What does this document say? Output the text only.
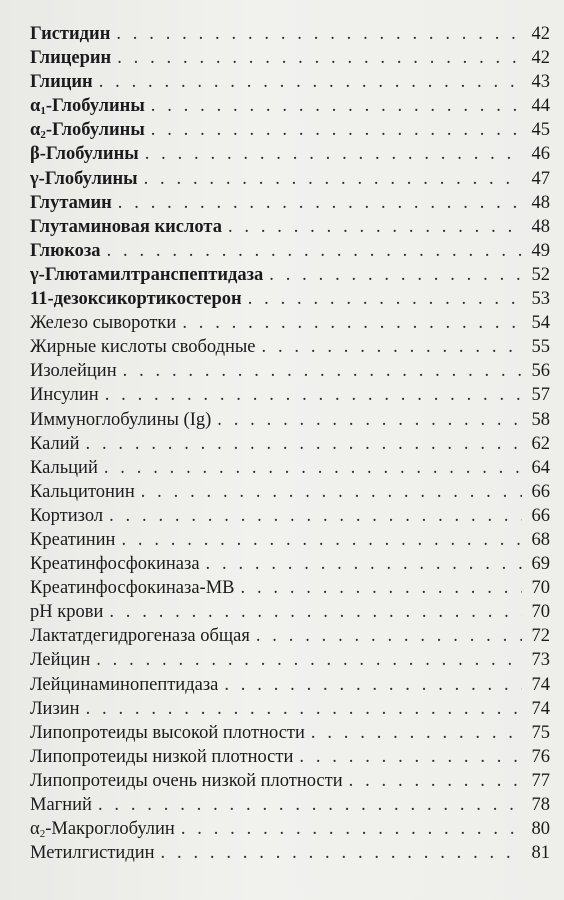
Гистидин . . .	42
Глицерин . . .	42
Глицин . . .	43
$\alpha_1$-Глобулины . . .	44
$\alpha_2$-Глобулины . . .	45
β-Глобулины . . .	46
γ-Глобулины . . .	47
Глутамин . . .	48
Глутаминовая кислота . . .	48
Глюкоза . . .	49
γ-Глютамилтранспептидаза . . .	52
11-дезоксикортикостерон . . .	53
Железо сыворотки . . .	54
Жирные кислоты свободные . . .	55
Изолейцин . . .	56
Инсулин . . .	57
Иммуноглобулины (Ig) . . .	58
Калий . . .	62
Кальций . . .	64
Кальцитонин . . .	66
Кортизол . . .	66
Креатинин . . .	68
Креатинфосфокиназа . . .	69
Креатинфосфокиназа-MB . . .	70
pH крови . . .	70
Лактатдегидрогеназа общая . . .	72
Лейцин . . .	73
Лейцинаминопептидаза . . .	74
Лизин . . .	74
Липопротеиды высокой плотности . . .	75
Липопротеиды низкой плотности . . .	76
Липопротеиды очень низкой плотности . . .	77
Магний . . .	78
$\alpha_2$-Макроглобулин . . .	80
Метилгистидин . . .	81
